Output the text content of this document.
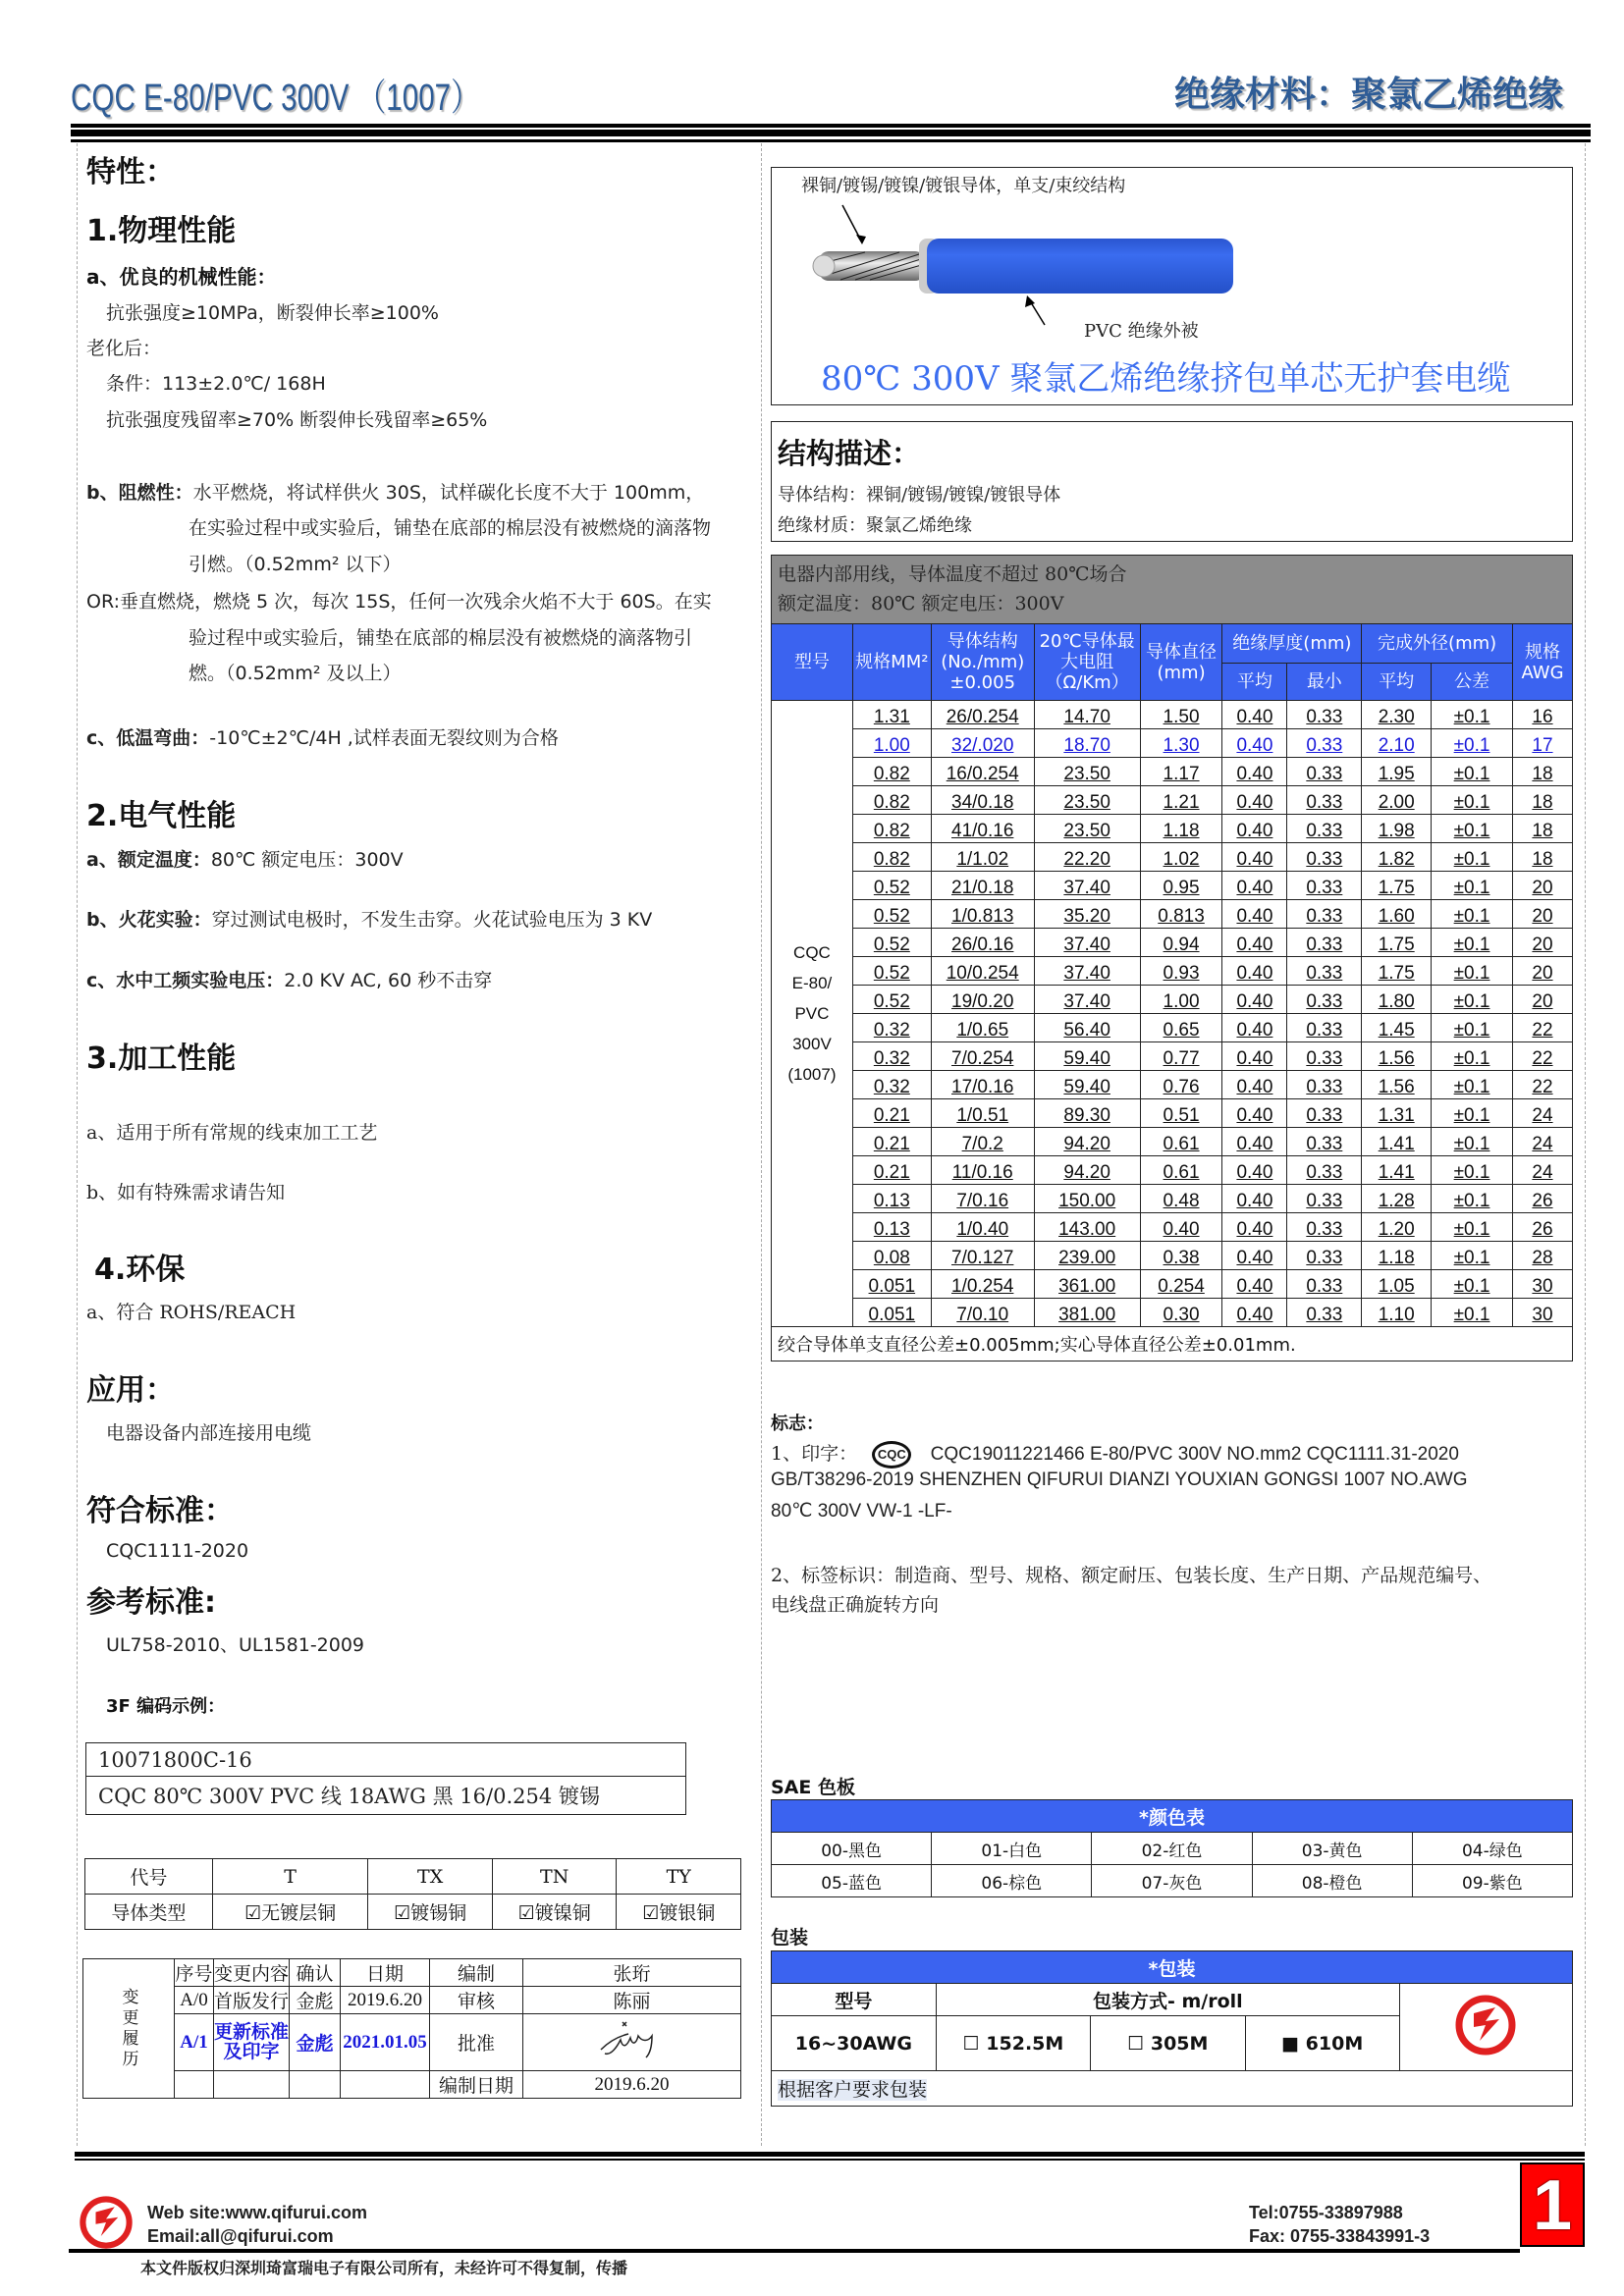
CQC E-80/PVC 300V （1007）	绝缘材料：聚氯乙烯绝缘
特性：
1.物理性能
a、优良的机械性能：
抗张强度≥10MPa，断裂伸长率≥100%
老化后：
条件：113±2.0℃/ 168H
抗张强度残留率≥70% 断裂伸长残留率≥65%
b、阻燃性：水平燃烧，将试样供火 30S，试样碳化长度不大于 100mm，
在实验过程中或实验后，铺垫在底部的棉层没有被燃烧的滴落物
引燃。（0.52mm² 以下）
OR:垂直燃烧，燃烧 5 次，每次 15S，任何一次残余火焰不大于 60S。在实
验过程中或实验后，铺垫在底部的棉层没有被燃烧的滴落物引
燃。（0.52mm² 及以上）
c、低温弯曲：-10℃±2℃/4H ,试样表面无裂纹则为合格
2.电气性能
a、额定温度：80℃ 额定电压：300V
b、火花实验：穿过测试电极时，不发生击穿。火花试验电压为 3 KV
c、水中工频实验电压：2.0 KV AC, 60 秒不击穿
3.加工性能
a、适用于所有常规的线束加工工艺
b、如有特殊需求请告知
4.环保
a、符合 ROHS/REACH
应用：
电器设备内部连接用电缆
符合标准：
CQC1111-2020
参考标准:
UL758-2010、UL1581-2009
3F 编码示例：
10071800C-16
CQC 80℃ 300V PVC 线 18AWG 黑 16/0.254 镀锡
代号	T	TX	TN	TY
导体类型	☑无镀层铜	☑镀锡铜	☑镀镍铜	☑镀银铜
变更履历	序号	变更内容	确认	日期	编制	张珩
	A/0	首版发行	金彪	2019.6.20	审核	陈丽
	A/1	更新标准及印字	金彪	2021.01.05	批准	
					编制日期	2019.6.20
裸铜/镀锡/镀镍/镀银导体，单支/束绞结构
PVC 绝缘外被
80℃ 300V 聚氯乙烯绝缘挤包单芯无护套电缆
结构描述：
导体结构：裸铜/镀锡/镀镍/镀银导体
绝缘材质：聚氯乙烯绝缘
电器内部用线，导体温度不超过 80℃场合
额定温度：80℃ 额定电压：300V
型号	规格MM²	导体结构(No./mm)±0.005	20℃导体最大电阻（Ω/Km）	导体直径(mm)	绝缘厚度(mm)		完成外径(mm)		规格AWG
					平均	最小	平均	公差	
CQC E-80/ PVC 300V (1007)	1.31	26/0.254	14.70	1.50	0.40	0.33	2.30	±0.1	16
	1.00	32/.020	18.70	1.30	0.40	0.33	2.10	±0.1	17
	0.82	16/0.254	23.50	1.17	0.40	0.33	1.95	±0.1	18
	0.82	34/0.18	23.50	1.21	0.40	0.33	2.00	±0.1	18
	0.82	41/0.16	23.50	1.18	0.40	0.33	1.98	±0.1	18
	0.82	1/1.02	22.20	1.02	0.40	0.33	1.82	±0.1	18
	0.52	21/0.18	37.40	0.95	0.40	0.33	1.75	±0.1	20
	0.52	1/0.813	35.20	0.813	0.40	0.33	1.60	±0.1	20
	0.52	26/0.16	37.40	0.94	0.40	0.33	1.75	±0.1	20
	0.52	10/0.254	37.40	0.93	0.40	0.33	1.75	±0.1	20
	0.52	19/0.20	37.40	1.00	0.40	0.33	1.80	±0.1	20
	0.32	1/0.65	56.40	0.65	0.40	0.33	1.45	±0.1	22
	0.32	7/0.254	59.40	0.77	0.40	0.33	1.56	±0.1	22
	0.32	17/0.16	59.40	0.76	0.40	0.33	1.56	±0.1	22
	0.21	1/0.51	89.30	0.51	0.40	0.33	1.31	±0.1	24
	0.21	7/0.2	94.20	0.61	0.40	0.33	1.41	±0.1	24
	0.21	11/0.16	94.20	0.61	0.40	0.33	1.41	±0.1	24
	0.13	7/0.16	150.00	0.48	0.40	0.33	1.28	±0.1	26
	0.13	1/0.40	143.00	0.40	0.40	0.33	1.20	±0.1	26
	0.08	7/0.127	239.00	0.38	0.40	0.33	1.18	±0.1	28
	0.051	1/0.254	361.00	0.254	0.40	0.33	1.05	±0.1	30
	0.051	7/0.10	381.00	0.30	0.40	0.33	1.10	±0.1	30
绞合导体单支直径公差±0.005mm;实心导体直径公差±0.01mm.									
标志：
1、印字： CQC CQC19011221466 E-80/PVC 300V NO.mm2 CQC1111.31-2020
GB/T38296-2019 SHENZHEN QIFURUI DIANZI YOUXIAN GONGSI 1007 NO.AWG
80℃ 300V VW-1 -LF-
2、标签标识：制造商、型号、规格、额定耐压、包装长度、生产日期、产品规范编号、
电线盘正确旋转方向
SAE 色板
*颜色表				
00-黑色	01-白色	02-红色	03-黄色	04-绿色
05-蓝色	06-棕色	07-灰色	08-橙色	09-紫色
包装
*包装				
型号	包装方式- m/roll	
16~30AWG	☐ 152.5M	☐ 305M	■ 610M	
根据客户要求包装				
Web site:www.qifurui.com
Email:all@qifurui.com
Tel:0755-33897988
Fax: 0755-33843991-3
本文件版权归深圳琦富瑞电子有限公司所有，未经许可不得复制，传播
1
